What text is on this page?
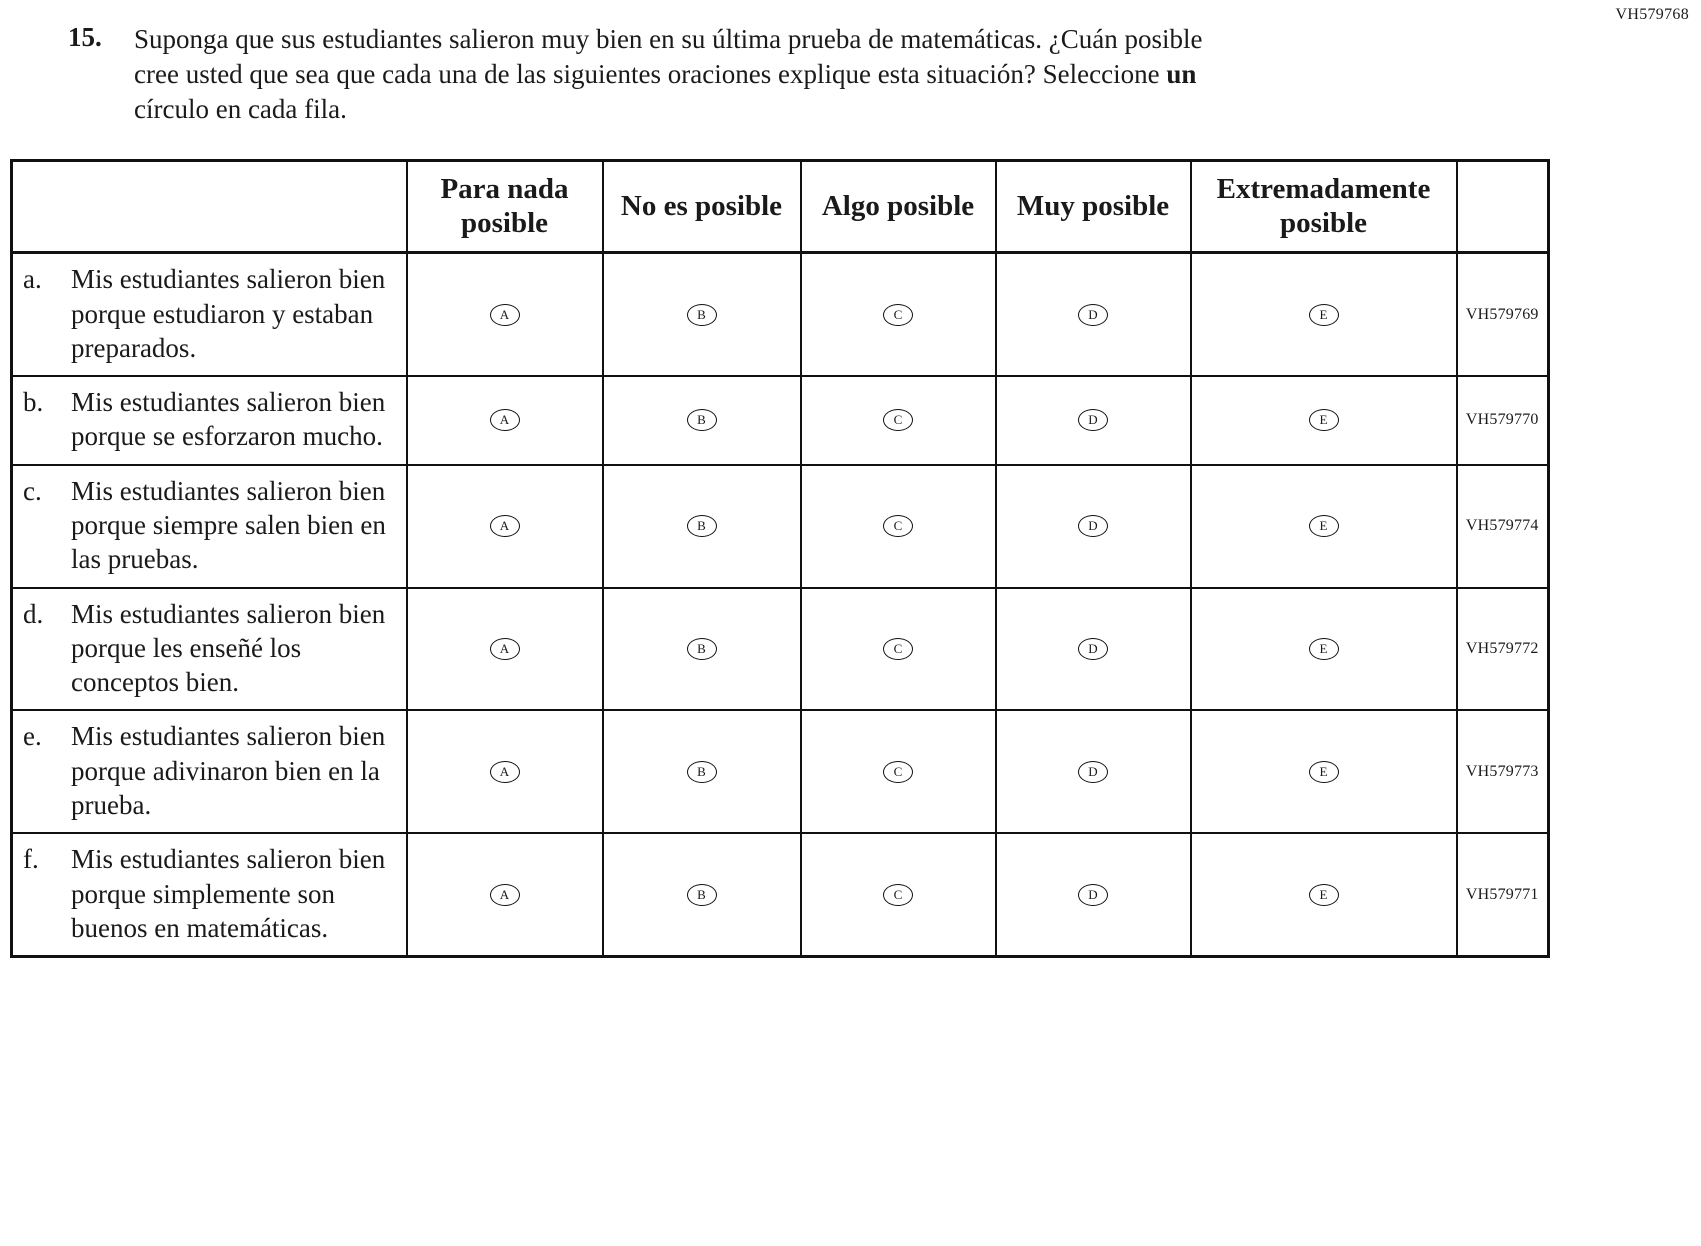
VH579768
15.	Suponga que sus estudiantes salieron muy bien en su última prueba de matemáticas. ¿Cuán posible cree usted que sea que cada una de las siguientes oraciones explique esta situación? Seleccione un círculo en cada fila.
	Para nada posible	No es posible	Algo posible	Muy posible	Extremadamente posible	

a. Mis estudiantes salieron bien porque estudiaron y estaban preparados.	A	B	C	D	E	VH579769

b. Mis estudiantes salieron bien porque se esforzaron mucho.	A	B	C	D	E	VH579770

c. Mis estudiantes salieron bien porque siempre salen bien en las pruebas.	A	B	C	D	E	VH579774

d. Mis estudiantes salieron bien porque les enseñé los conceptos bien.	A	B	C	D	E	VH579772

e. Mis estudiantes salieron bien porque adivinaron bien en la prueba.	A	B	C	D	E	VH579773

f. Mis estudiantes salieron bien porque simplemente son buenos en matemáticas.	A	B	C	D	E	VH579771
